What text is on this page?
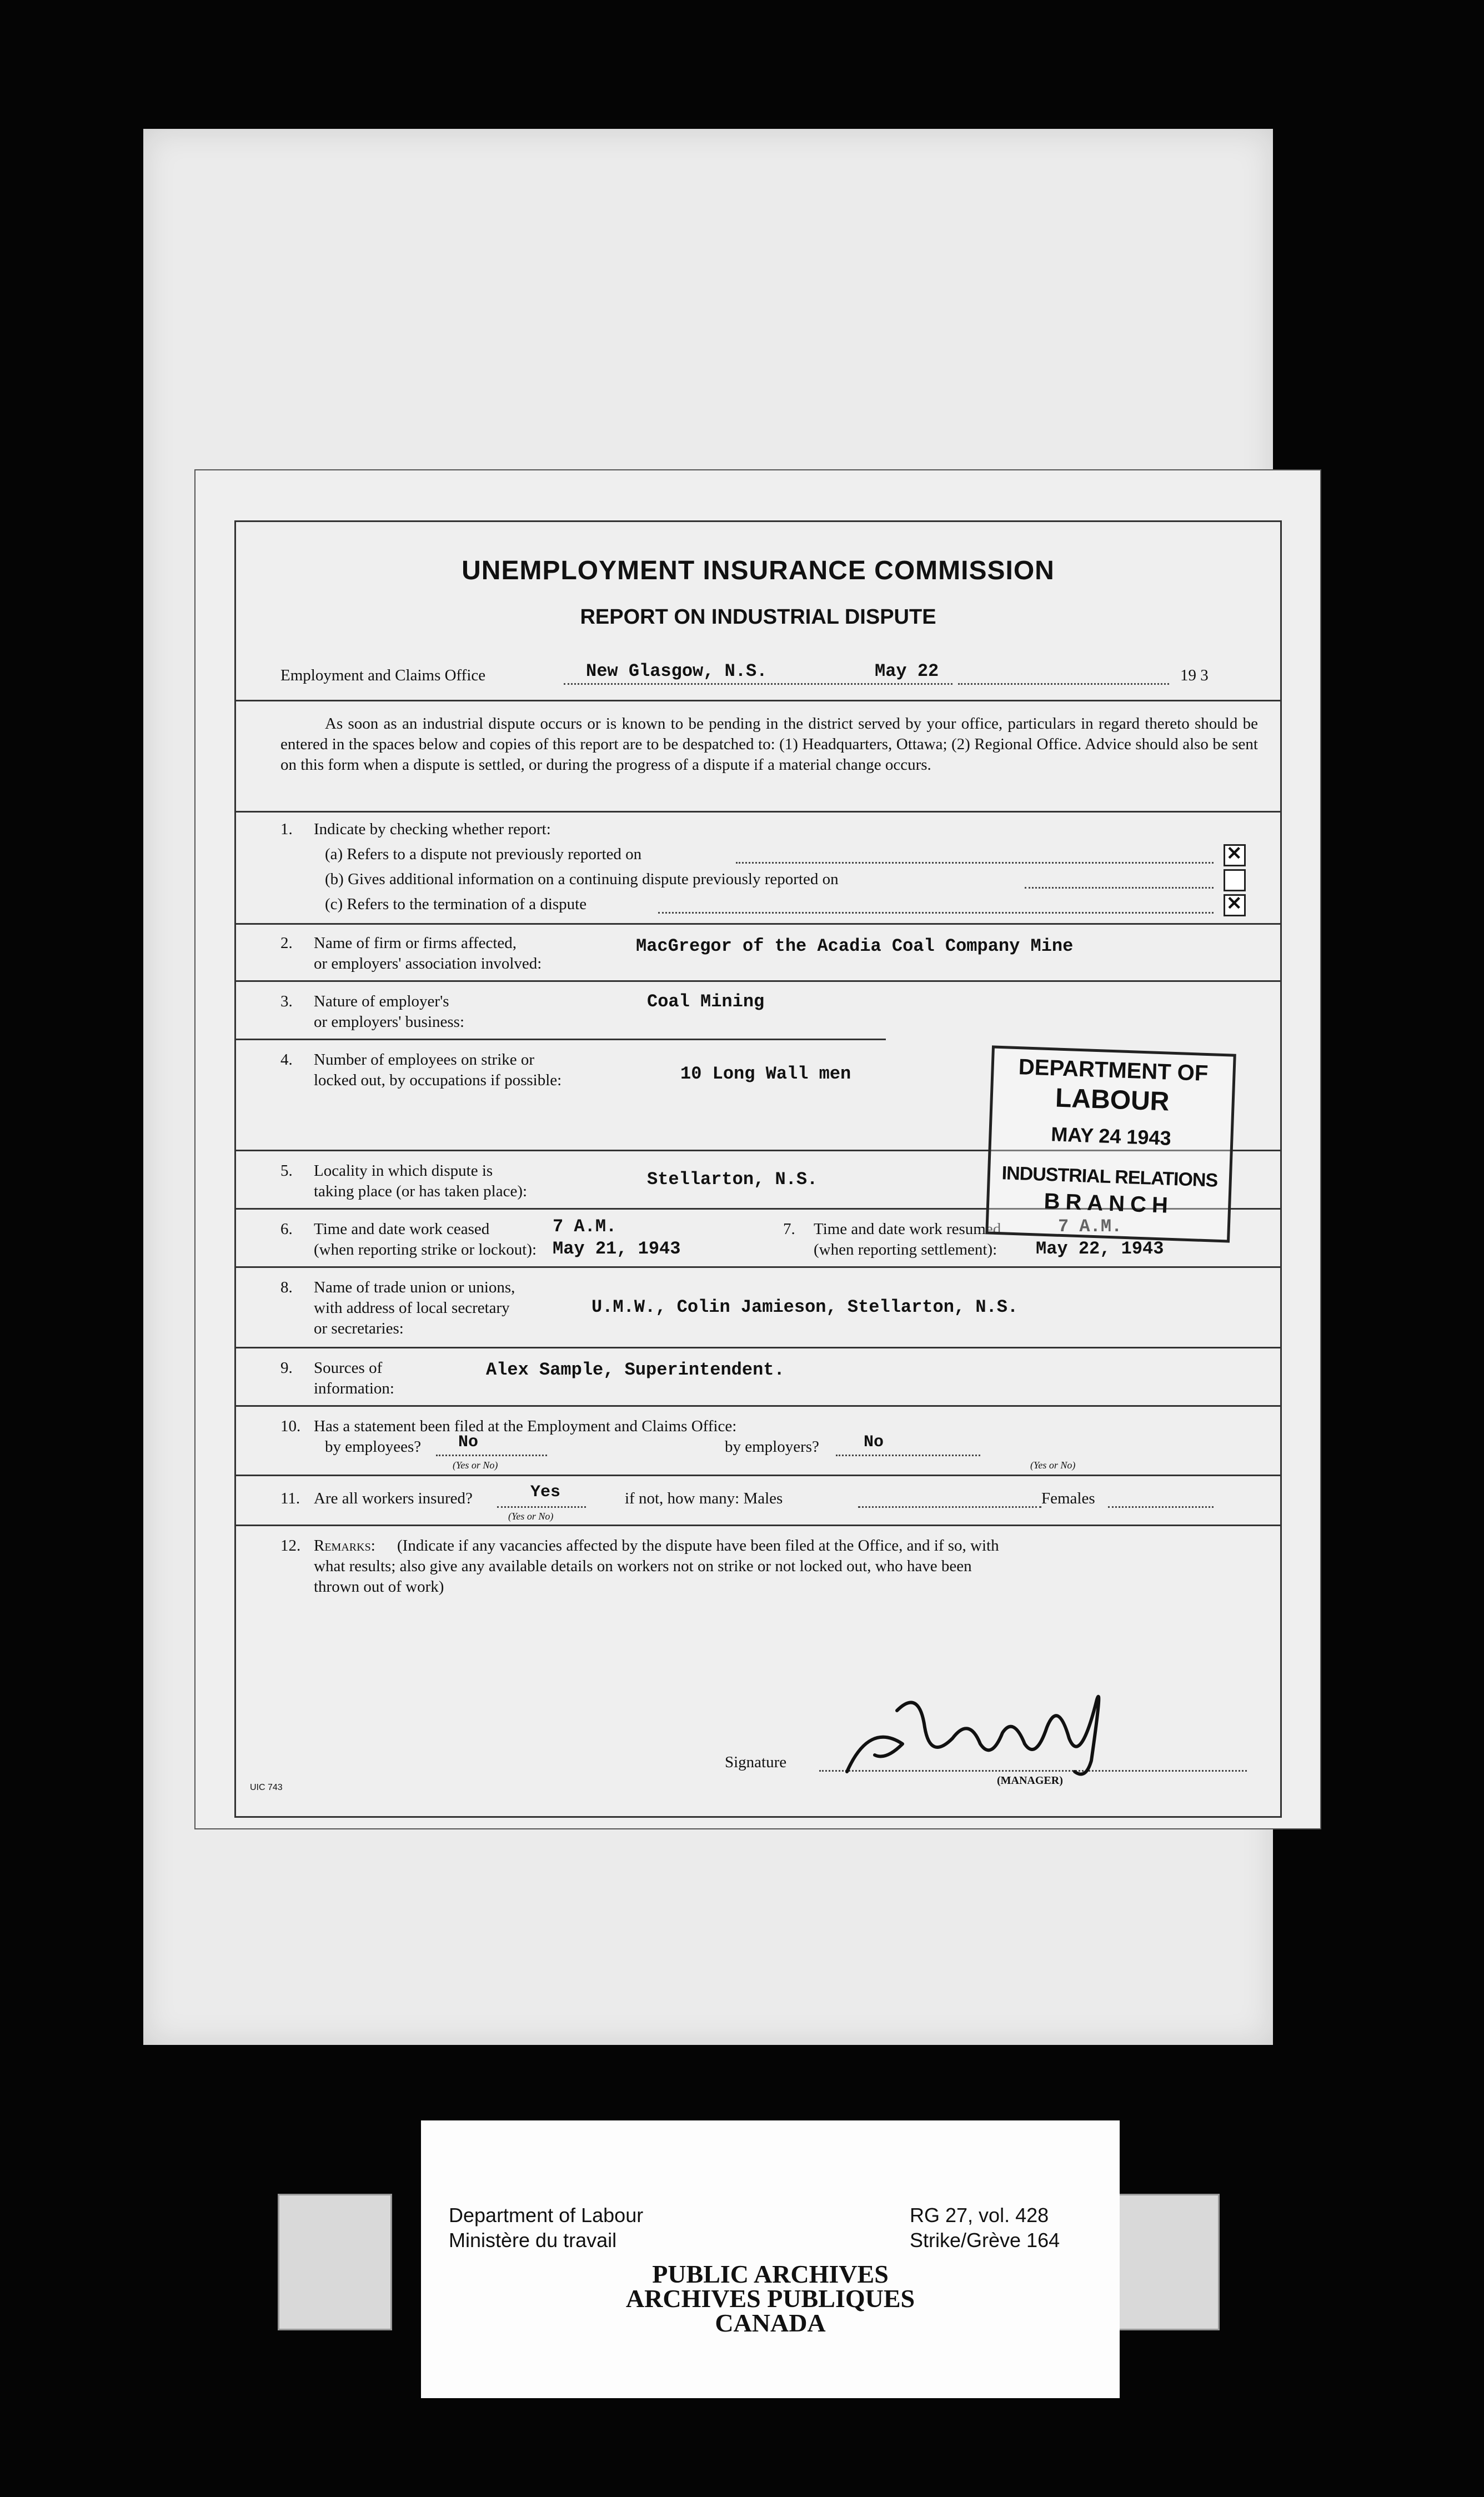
UNEMPLOYMENT INSURANCE COMMISSION
REPORT ON INDUSTRIAL DISPUTE
Employment and Claims Office	New Glasgow, N.S.	May 22	19 3
As soon as an industrial dispute occurs or is known to be pending in the district served by your office, particulars in regard thereto should be entered in the spaces below and copies of this report are to be despatched to: (1) Headquarters, Ottawa; (2) Regional Office. Advice should also be sent on this form when a dispute is settled, or during the progress of a dispute if a material change occurs.
1. Indicate by checking whether report:
(a) Refers to a dispute not previously reported on
✕
(b) Gives additional information on a continuing dispute previously reported on
(c) Refers to the termination of a dispute
✕
2. Name of firm or firms affected,
or employers' association involved:
MacGregor of the Acadia Coal Company Mine
3. Nature of employer's
or employers' business:
Coal Mining
4. Number of employees on strike or
locked out, by occupations if possible:	10 Long Wall men
5. Locality in which dispute is
taking place (or has taken place):
Stellarton, N.S.
6. Time and date work ceased
(when reporting strike or lockout):
7 A.M.
May 21, 1943
7. Time and date work resumed
(when reporting settlement):
7 A.M.
May 22, 1943
8. Name of trade union or unions,
with address of local secretary
or secretaries:
U.M.W., Colin Jamieson, Stellarton, N.S.
9. Sources of
information:
Alex Sample, Superintendent.
10. Has a statement been filed at the Employment and Claims Office:
by employees? No
(Yes or No)
by employers?	No
(Yes or No)
11. Are all workers insured?	Yes
(Yes or No)
if not, how many: Males	Females
12. Remarks: (Indicate if any vacancies affected by the dispute have been filed at the Office, and if so, with
what results; also give any available details on workers not on strike or not locked out, who have been
thrown out of work)
Signature
(MANAGER)
UIC 743
DEPARTMENT OF
LABOUR
MAY 24 1943
INDUSTRIAL RELATIONS
BRANCH
Department of Labour
Ministère du travail
RG 27, vol. 428
Strike/Grève 164
PUBLIC ARCHIVES
ARCHIVES PUBLIQUES
CANADA
